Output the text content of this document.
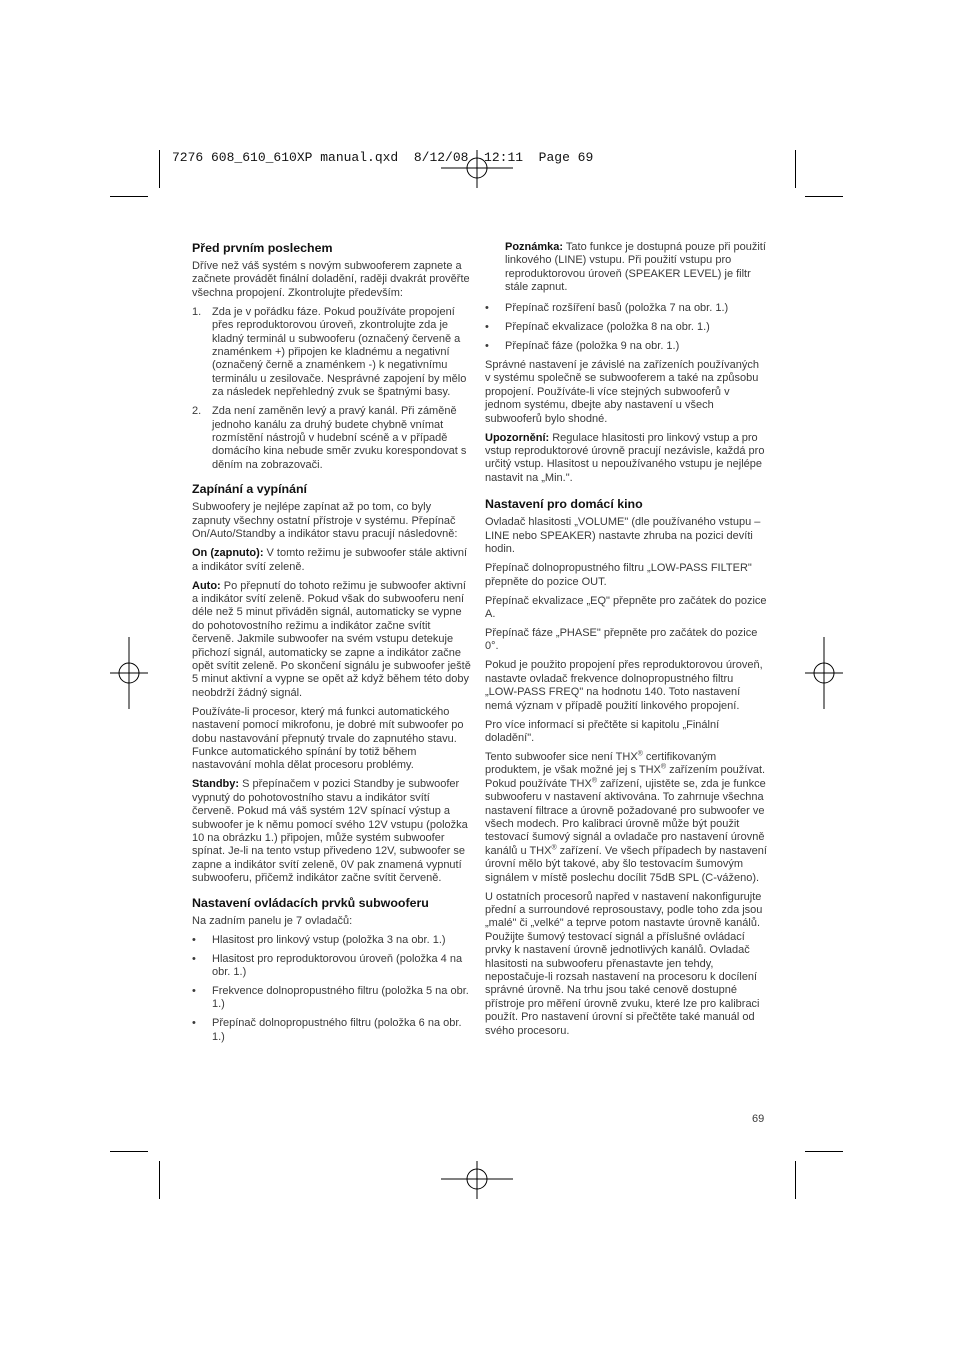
7276 608_610_610XP manual.qxd  8/12/08  12:11  Page 69
Před prvním poslechem

Dříve než váš systém s novým subwooferem zapnete a začnete provádět finální doladění, raději dvakrát prověřte všechna propojení. Zkontrolujte především:

1. Zda je v pořádku fáze. Pokud používáte propojení přes reproduktorovou úroveň, zkontrolujte zda je kladný terminál u subwooferu (označený červeně a znaménkem +) připojen ke kladnému a negativní (označený černě a znaménkem -) k negativnímu terminálu u zesilovače. Nesprávné zapojení by mělo za následek nepřehledný zvuk se špatnými basy.
2. Zda není zaměněn levý a pravý kanál. Při záměně jednoho kanálu za druhý budete chybně vnímat rozmístění nástrojů v hudební scéně a v případě domácího kina nebude směr zvuku korespondovat s děním na zobrazovači.
Zapínání a vypínání

Subwoofery je nejlépe zapínat až po tom, co byly zapnuty všechny ostatní přístroje v systému. Přepínač On/Auto/Standby a indikátor stavu pracují následovně:

On (zapnuto): V tomto režimu je subwoofer stále aktivní a indikátor svítí zeleně.

Auto: Po přepnutí do tohoto režimu je subwoofer aktivní a indikátor svítí zeleně. Pokud však do subwooferu není déle než 5 minut přiváděn signál, automaticky se vypne do pohotovostního režimu a indikátor začne svítit červeně. Jakmile subwoofer na svém vstupu detekuje přichozí signál, automaticky se zapne a indikátor začne opět svítit zeleně. Po skončení signálu je subwoofer ještě 5 minut aktivní a vypne se opět až když během této doby neobdrží žádný signál.

Používáte-li procesor, který má funkci automatického nastavení pomocí mikrofonu, je dobré mít subwoofer po dobu nastavování přepnutý trvale do zapnutého stavu. Funkce automatického spínání by totiž během nastavování mohla dělat procesoru problémy.

Standby: S přepínačem v pozici Standby je subwoofer vypnutý do pohotovostního stavu a indikátor svítí červeně. Pokud má váš systém 12V spínací výstup a subwoofer je k němu pomocí svého 12V vstupu (položka 10 na obrázku 1.) připojen, může systém subwoofer spínat. Je-li na tento vstup přivedeno 12V, subwoofer se zapne a indikátor svítí zeleně, 0V pak znamená vypnutí subwooferu, přičemž indikátor začne svítit červeně.

Nastavení ovládacích prvků subwooferu

Na zadním panelu je 7 ovladačů:

• Hlasitost pro linkový vstup (položka 3 na obr. 1.)
• Hlasitost pro reproduktorovou úroveň (položka 4 na obr. 1.)
• Frekvence dolnopropustného filtru (položka 5 na obr. 1.)
• Přepínač dolnopropustného filtru (položka 6 na obr. 1.)

Poznámka: Tato funkce je dostupná pouze při použití linkového (LINE) vstupu. Při použití vstupu pro reproduktorovou úroveň (SPEAKER LEVEL) je filtr stále zapnut.

• Přepínač rozšíření basů (položka 7 na obr. 1.)
• Přepínač ekvalizace (položka 8 na obr. 1.)
• Přepínač fáze (položka 9 na obr. 1.)

Správné nastavení je závislé na zařízeních používaných v systému společně se subwooferem a také na způsobu propojení. Používáte-li více stejných subwooferů v jednom systému, dbejte aby nastavení u všech subwooferů bylo shodné.

Upozornění: Regulace hlasitosti pro linkový vstup a pro vstup reproduktorové úrovně pracují nezávisle, každá pro určitý vstup. Hlasitost u nepoužívaného vstupu je nejlépe nastavit na „Min.".

Nastavení pro domácí kino

Ovladač hlasitosti „VOLUME" (dle používaného vstupu – LINE nebo SPEAKER) nastavte zhruba na pozici devíti hodin.

Přepínač dolnopropustného filtru „LOW-PASS FILTER" přepněte do pozice OUT.

Přepínač ekvalizace „EQ" přepněte pro začátek do pozice A.

Přepínač fáze „PHASE" přepněte pro začátek do pozice 0°.

Pokud je použito propojení přes reproduktorovou úroveň, nastavte ovladač frekvence dolnopropustného filtru „LOW-PASS FREQ" na hodnotu 140. Toto nastavení nemá význam v případě použití linkového propojení.

Pro více informací si přečtěte si kapitolu „Finální doladění".

Tento subwoofer sice není THX® certifikovaným produktem, je však možné jej s THX® zařízením používat. Pokud používáte THX® zařízení, ujistěte se, zda je funkce subwooferu v nastavení aktivována. To zahrnuje všechna nastavení filtrace a úrovně požadované pro subwoofer ve všech modech. Pro kalibraci úrovně může být použit testovací šumový signál a ovladače pro nastavení úrovně kanálů u THX® zařízení. Ve všech případech by nastavení úrovní mělo být takové, aby šlo testovacím šumovým signálem v místě poslechu docílit 75dB SPL (C-váženo).

U ostatních procesorů napřed v nastavení nakonfigurujte přední a surroundové reprosoustavy, podle toho zda jsou „malé" či „velké" a teprve potom nastavte úrovně kanálů. Použijte šumový testovací signál a příslušné ovládací prvky k nastavení úrovně jednotlivých kanálů. Ovladač hlasitosti na subwooferu přenastavte jen tehdy, nepostačuje-li rozsah nastavení na procesoru k docílení správné úrovně. Na trhu jsou také cenově dostupné přístroje pro měření úrovně zvuku, které lze pro kalibraci použít. Pro nastavení úrovní si přečtěte také manuál od svého procesoru.

69
